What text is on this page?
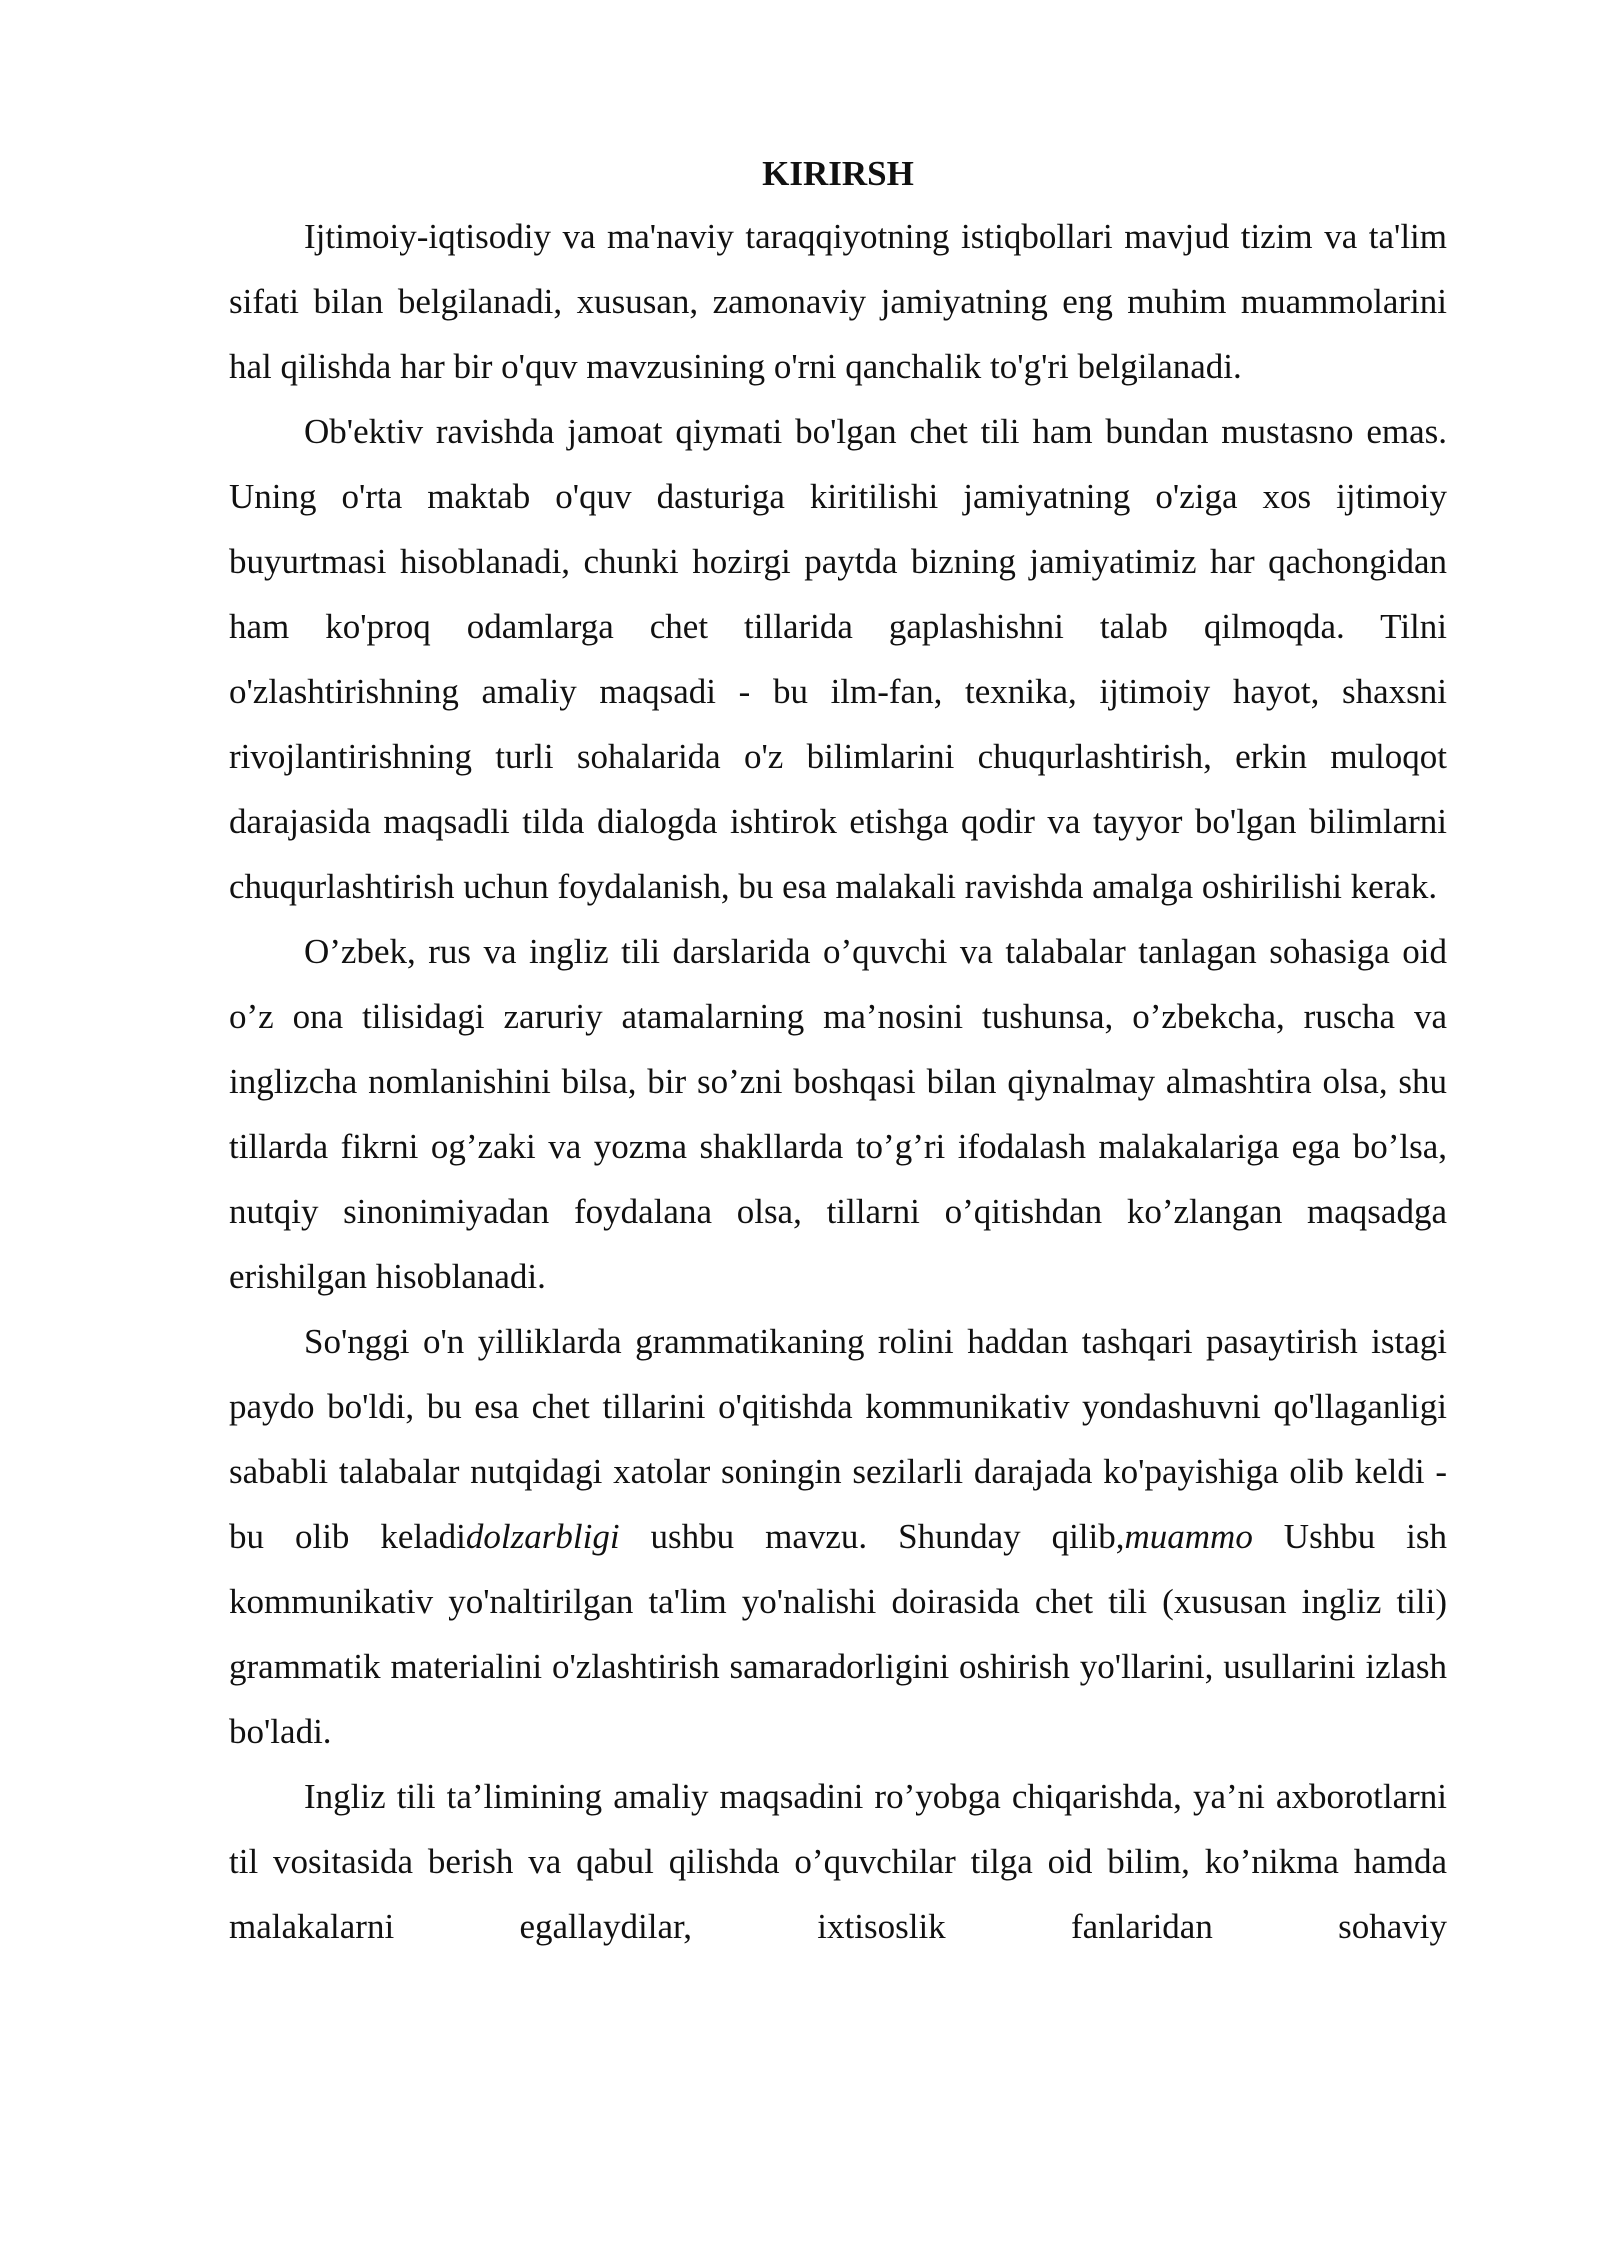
KIRIRSH

Ijtimoiy-iqtisodiy va ma'naviy taraqqiyotning istiqbollari mavjud tizim va ta'lim sifati bilan belgilanadi, xususan, zamonaviy jamiyatning eng muhim muammolarini hal qilishda har bir o'quv mavzusining o'rni qanchalik to'g'ri belgilanadi.

Ob'ektiv ravishda jamoat qiymati bo'lgan chet tili ham bundan mustasno emas. Uning o'rta maktab o'quv dasturiga kiritilishi jamiyatning o'ziga xos ijtimoiy buyurtmasi hisoblanadi, chunki hozirgi paytda bizning jamiyatimiz har qachongidan ham ko'proq odamlarga chet tillarida gaplashishni talab qilmoqda. Tilni o'zlashtirishning amaliy maqsadi - bu ilm-fan, texnika, ijtimoiy hayot, shaxsni rivojlantirishning turli sohalarida o'z bilimlarini chuqurlashtirish, erkin muloqot darajasida maqsadli tilda dialogda ishtirok etishga qodir va tayyor bo'lgan bilimlarni chuqurlashtirish uchun foydalanish, bu esa malakali ravishda amalga oshirilishi kerak.

O’zbek, rus va ingliz tili darslarida o’quvchi va talabalar tanlagan sohasiga oid o’z ona tilisidagi zaruriy atamalarning ma’nosini tushunsa, o’zbekcha, ruscha va inglizcha nomlanishini bilsa, bir so’zni boshqasi bilan qiynalmay almashtira olsa, shu tillarda fikrni og’zaki va yozma shakllarda to’g’ri ifodalash malakalariga ega bo’lsa, nutqiy sinonimiyadan foydalana olsa, tillarni o’qitishdan ko’zlangan maqsadga erishilgan hisoblanadi.

So'nggi o'n yilliklarda grammatikaning rolini haddan tashqari pasaytirish istagi paydo bo'ldi, bu esa chet tillarini o'qitishda kommunikativ yondashuvni qo'llaganligi sababli talabalar nutqidagi xatolar soningin sezilarli darajada ko'payishiga olib keldi - bu olib keladidolzarbligi ushbu mavzu. Shunday qilib,muammo Ushbu ish kommunikativ yo'naltirilgan ta'lim yo'nalishi doirasida chet tili (xususan ingliz tili) grammatik materialini o'zlashtirish samaradorligini oshirish yo'llarini, usullarini izlash bo'ladi.

Ingliz tili ta’limining amaliy maqsadini ro’yobga chiqarishda, ya’ni axborotlarni til vositasida berish va qabul qilishda o’quvchilar tilga oid bilim, ko’nikma hamda malakalarni egallaydilar, ixtisoslik fanlaridan sohaviy
